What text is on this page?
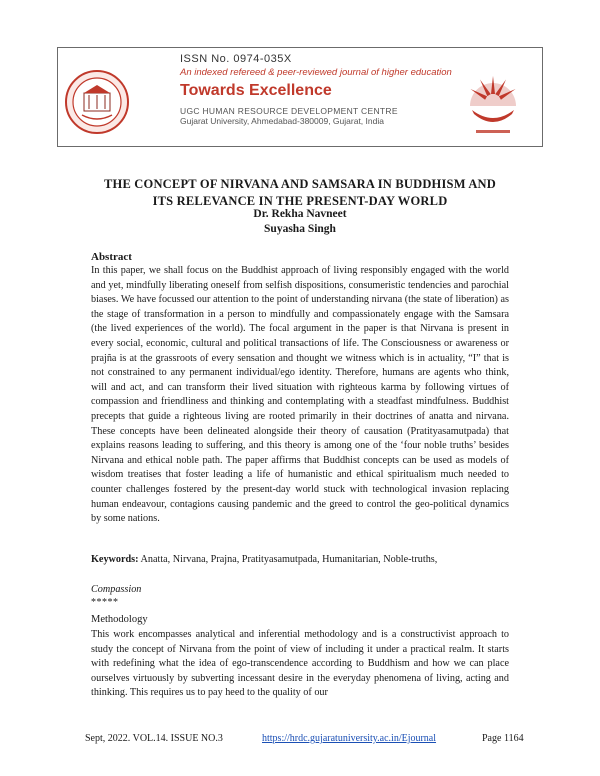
ISSN No. 0974-035X
An indexed refereed & peer-reviewed journal of higher education
Towards Excellence
UGC HUMAN RESOURCE DEVELOPMENT CENTRE
Gujarat University, Ahmedabad-380009, Gujarat, India
THE CONCEPT OF NIRVANA AND SAMSARA IN BUDDHISM AND ITS RELEVANCE IN THE PRESENT-DAY WORLD
Dr. Rekha Navneet
Suyasha Singh
Abstract

In this paper, we shall focus on the Buddhist approach of living responsibly engaged with the world and yet, mindfully liberating oneself from selfish dispositions, consumeristic tendencies and parochial biases. We have focussed our attention to the point of understanding nirvana (the state of liberation) as the stage of transformation in a person to mindfully and compassionately engage with the Samsara (the lived experiences of the world). The focal argument in the paper is that Nirvana is present in every social, economic, cultural and political transactions of life. The Consciousness or awareness or prajña is at the grassroots of every sensation and thought we witness which is in actuality, “I” that is not constrained to any permanent individual/ego identity. Therefore, humans are agents who think, will and act, and can transform their lived situation with righteous karma by following virtues of compassion and friendliness and thinking and contemplating with a steadfast mindfulness. Buddhist precepts that guide a righteous living are rooted primarily in their doctrines of anatta and nirvana. These concepts have been delineated alongside their theory of causation (Pratityasamutpada) that explains reasons leading to suffering, and this theory is among one of the ‘four noble truths’ besides Nirvana and ethical noble path. The paper affirms that Buddhist concepts can be used as models of wisdom treatises that foster leading a life of humanistic and ethical spiritualism much needed to counter challenges fostered by the present-day world stuck with technological invasion replacing human endeavour, contagions causing pandemic and the greed to control the geo-political dynamics by some nations.

Keywords: Anatta, Nirvana, Prajna, Pratityasamutpada, Humanitarian, Noble-truths,

Compassion
*****
Methodology

This work encompasses analytical and inferential methodology and is a constructivist approach to study the concept of Nirvana from the point of view of including it under a practical realm. It starts with redefining what the idea of ego-transcendence according to Buddhism and how we can place ourselves virtuously by subverting incessant desire in the everyday phenomena of living, acting and thinking. This requires us to pay heed to the quality of our

Sept, 2022. VOL.14. ISSUE NO.3	https://hrdc.gujaratuniversity.ac.in/Ejournal	Page 1164
